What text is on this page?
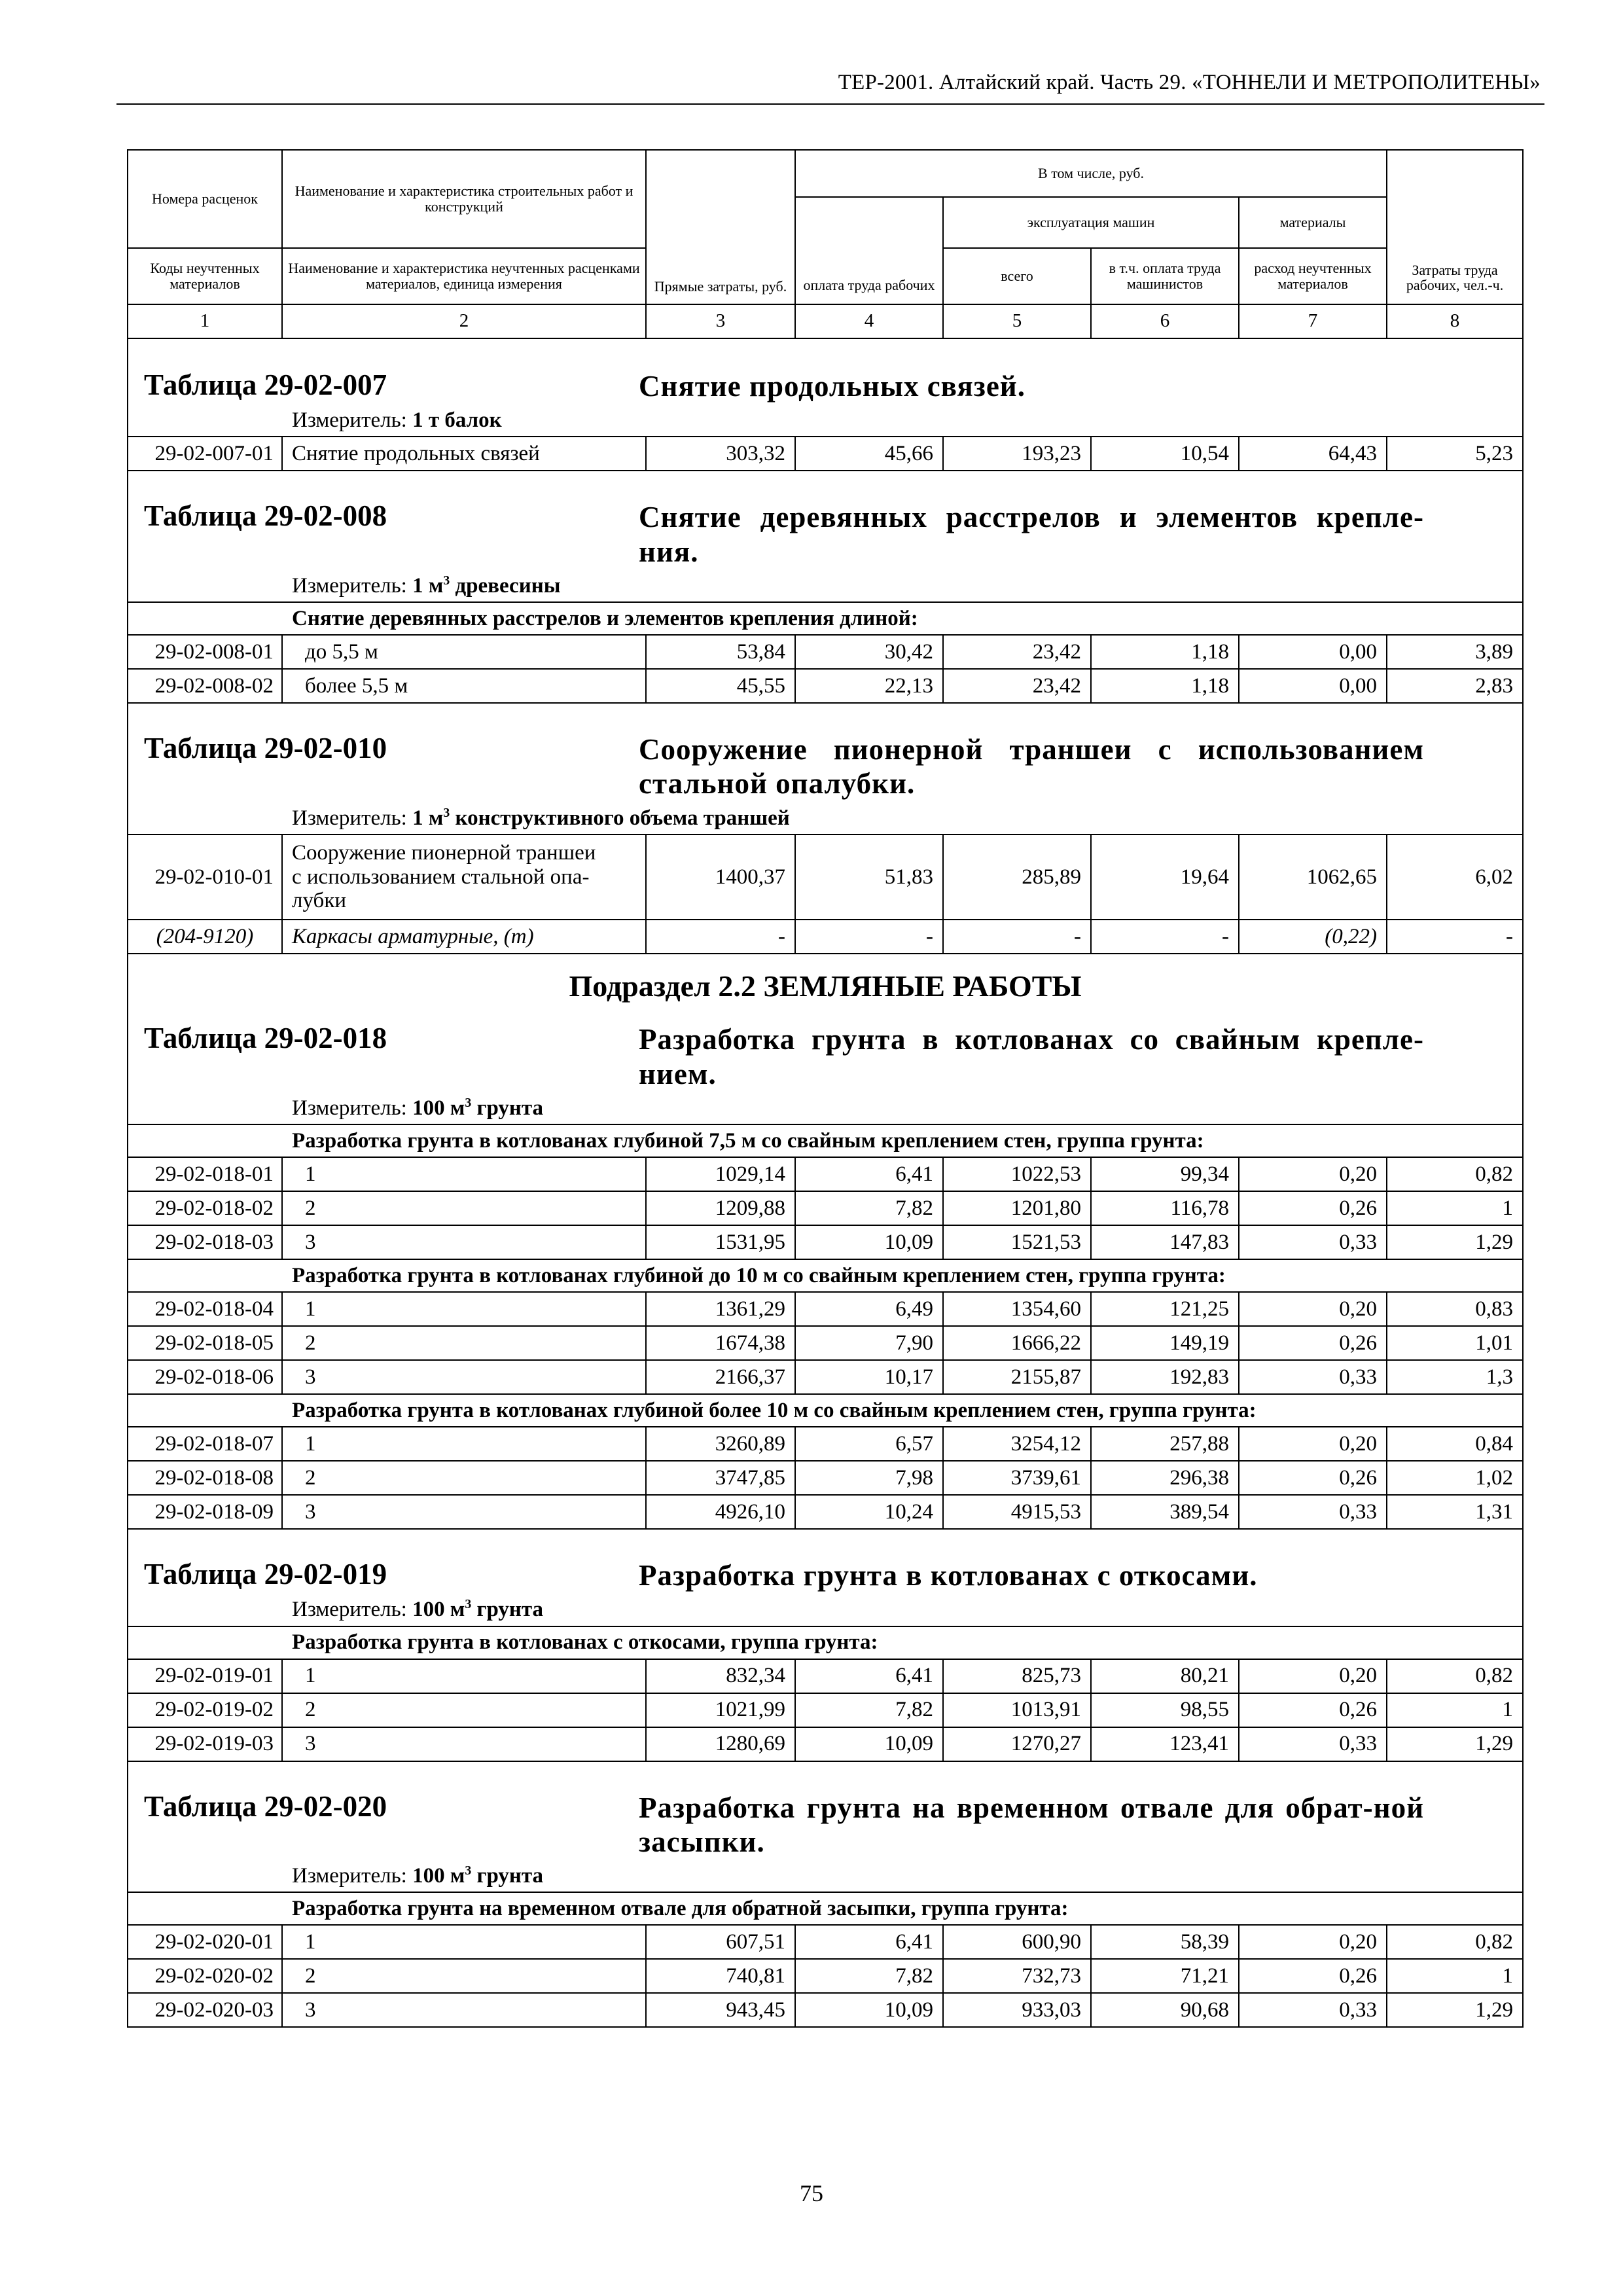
ТЕР-2001. Алтайский край. Часть 29. «ТОННЕЛИ И МЕТРОПОЛИТЕНЫ»
Номера расценок	Наименование и характеристика строительных работ и конструкций	Прямые затраты, руб.	В том числе, руб.				Затраты труда рабочих, чел.-ч.
			оплата труда рабочих	эксплуатация машин		материалы	
Коды неучтенных материалов	Наименование и характеристика неучтенных расценками материалов, единица измерения			всего	в т.ч. оплата труда машинистов	расход неучтенных материалов	
1	2	3	4	5	6	7	8

Таблица 29-02-007 Снятие продольных связей.
Измеритель: 1 т балок							

29-02-007-01	Снятие продольных связей	303,32	45,66	193,23	10,54	64,43	5,23

Таблица 29-02-008 Снятие деревянных расстрелов и элементов крепле-ния.
Измеритель: 1 $м^3$ древесины							

Снятие деревянных расстрелов и элементов крепления длиной:							
29-02-008-01	до 5,5 м	53,84	30,42	23,42	1,18	0,00	3,89
29-02-008-02	более 5,5 м	45,55	22,13	23,42	1,18	0,00	2,83

Таблица 29-02-010 Сооружение пионерной траншеи с использованием стальной опалубки.
Измеритель: 1 $м^3$ конструктивного объема траншей							

29-02-010-01	Сооружение пионерной траншеи
с использованием стальной опа-
лубки	1400,37	51,83	285,89	19,64	1062,65	6,02
(204-9120)	Каркасы арматурные, (т)	-	-	-	-	(0,22)	-
Подраздел 2.2 ЗЕМЛЯНЫЕ РАБОТЫ							

Таблица 29-02-018 Разработка грунта в котлованах со свайным крепле-нием.
Измеритель: 100 $м^3$ грунта							

Разработка грунта в котлованах глубиной 7,5 м со свайным креплением стен, группа грунта:							
29-02-018-01	1	1029,14	6,41	1022,53	99,34	0,20	0,82
29-02-018-02	2	1209,88	7,82	1201,80	116,78	0,26	1
29-02-018-03	3	1531,95	10,09	1521,53	147,83	0,33	1,29
Разработка грунта в котлованах глубиной до 10 м со свайным креплением стен, группа грунта:							
29-02-018-04	1	1361,29	6,49	1354,60	121,25	0,20	0,83
29-02-018-05	2	1674,38	7,90	1666,22	149,19	0,26	1,01
29-02-018-06	3	2166,37	10,17	2155,87	192,83	0,33	1,3
Разработка грунта в котлованах глубиной более 10 м со свайным креплением стен, группа грунта:							
29-02-018-07	1	3260,89	6,57	3254,12	257,88	0,20	0,84
29-02-018-08	2	3747,85	7,98	3739,61	296,38	0,26	1,02
29-02-018-09	3	4926,10	10,24	4915,53	389,54	0,33	1,31

Таблица 29-02-019 Разработка грунта в котлованах с откосами.
Измеритель: 100 $м^3$ грунта							

Разработка грунта в котлованах с откосами, группа грунта:							
29-02-019-01	1	832,34	6,41	825,73	80,21	0,20	0,82
29-02-019-02	2	1021,99	7,82	1013,91	98,55	0,26	1
29-02-019-03	3	1280,69	10,09	1270,27	123,41	0,33	1,29

Таблица 29-02-020 Разработка грунта на временном отвале для обрат-ной засыпки.
Измеритель: 100 $м^3$ грунта							

Разработка грунта на временном отвале для обратной засыпки, группа грунта:							
29-02-020-01	1	607,51	6,41	600,90	58,39	0,20	0,82
29-02-020-02	2	740,81	7,82	732,73	71,21	0,26	1
29-02-020-03	3	943,45	10,09	933,03	90,68	0,33	1,29
75
